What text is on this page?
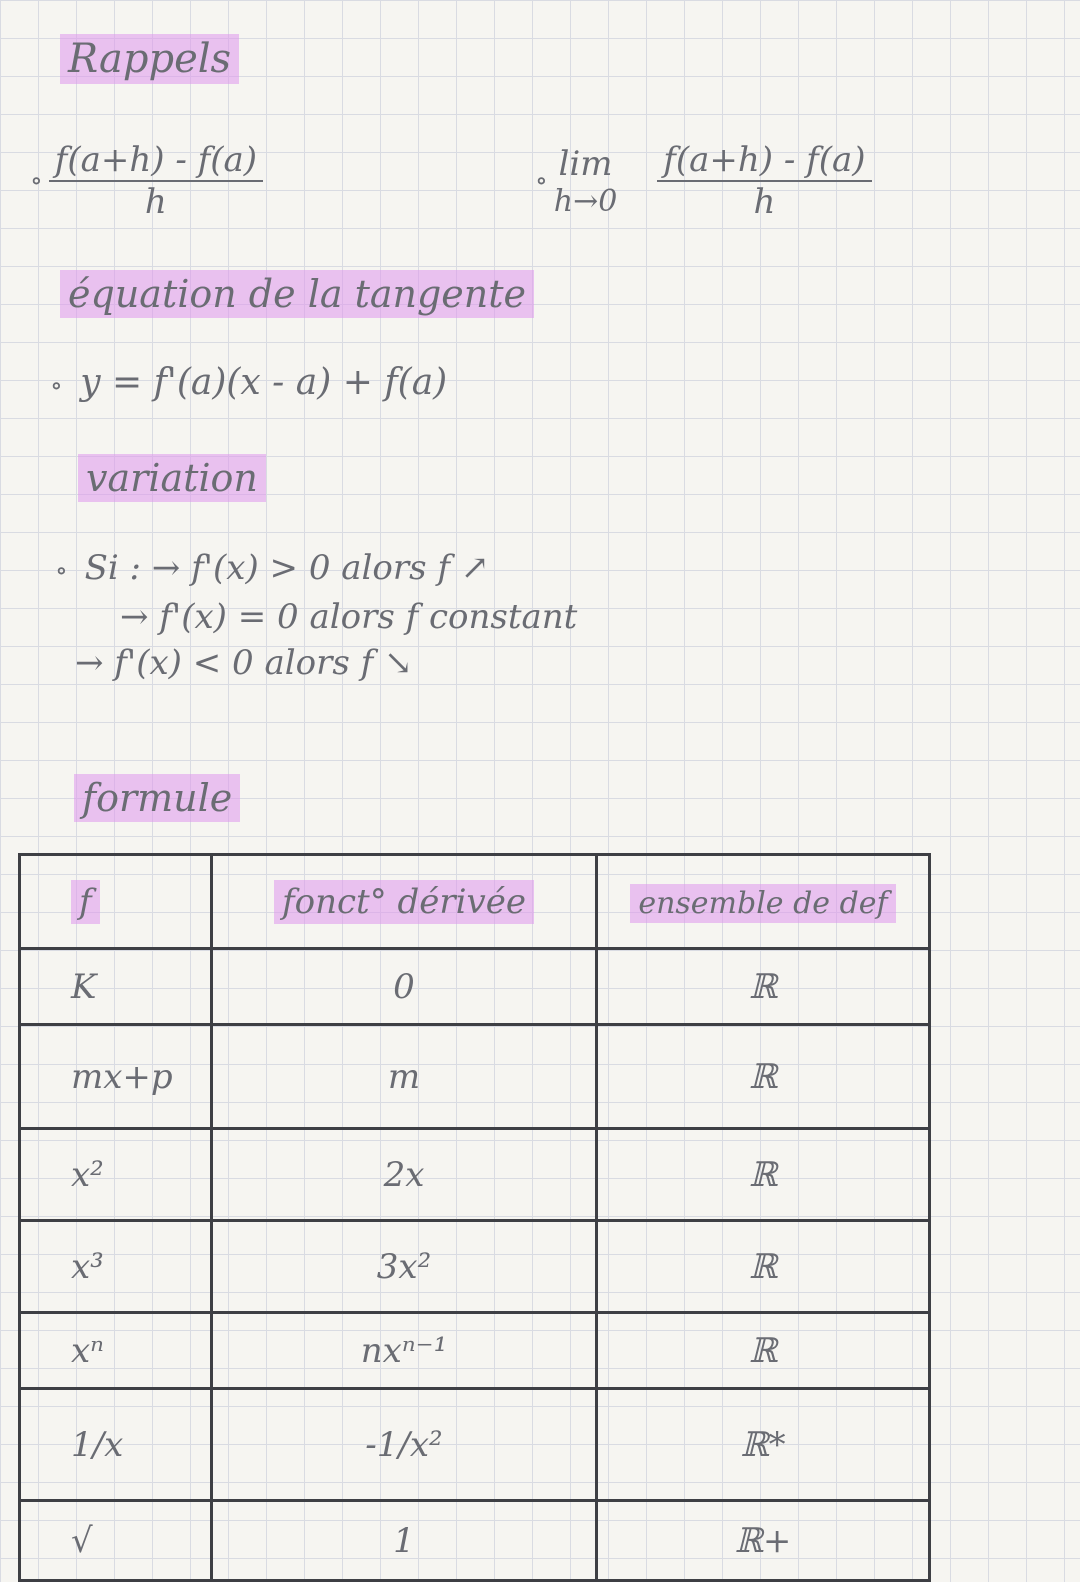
Rappels
∘ $\frac{f(a+h) - f(a)}{h}$	∘ lim
$h\to 0 \frac{f(a+h) - f(a)}{h}$
équation de la tangente
∘ y = f'(a)(x - a) + f(a)
variation
∘ Si : → f'(x) > 0 alors f ↗
→ f'(x) = 0 alors f constant
→ f'(x) < 0 alors f ↘
formule
f	fonct° dérivée	ensemble de def
K	0	ℝ
mx+p	m	ℝ
x²	2x	ℝ
x³	3x²	ℝ
xⁿ	nxⁿ⁻¹	ℝ
1/x	-1/x²	ℝ*
√	1	ℝ+
